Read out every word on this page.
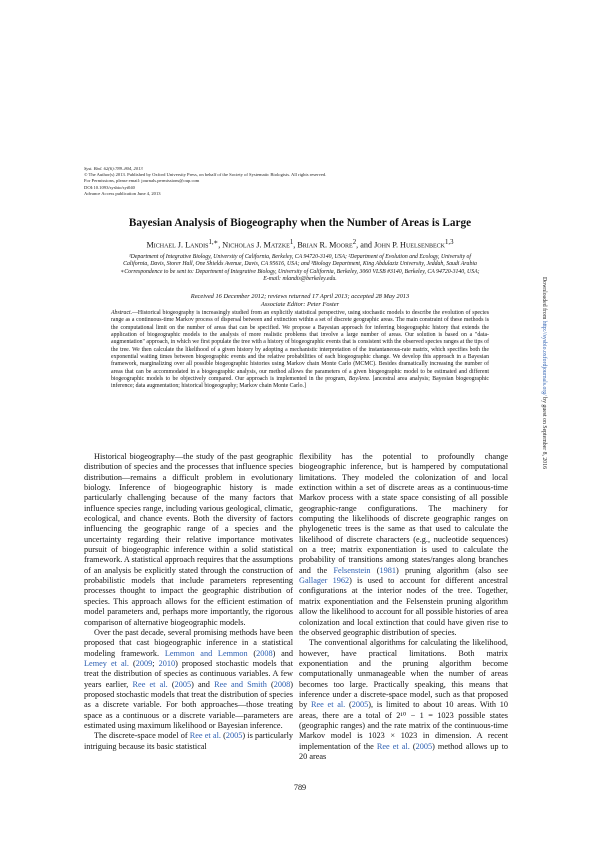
Syst. Biol. 62(6):789–804, 2013
© The Author(s) 2013. Published by Oxford University Press, on behalf of the Society of Systematic Biologists. All rights reserved.
For Permissions, please email: journals.permissions@oup.com
DOI:10.1093/sysbio/syt040
Advance Access publication June 4, 2013
Bayesian Analysis of Biogeography when the Number of Areas is Large
Michael J. Landis$^{1,∗}$, Nicholas J. Matzke$^1$, Brian R. Moore$^2$, and John P. Huelsenbeck$^{1,3}$
¹Department of Integrative Biology, University of California, Berkeley, CA 94720-3140, USA; ²Department of Evolution and Ecology, University of
California, Davis, Storer Hall, One Shields Avenue, Davis, CA 95616, USA; and ³Biology Department, King Abdulaziz University, Jeddah, Saudi Arabia
∗Correspondence to be sent to: Department of Integrative Biology, University of California, Berkeley, 3060 VLSB #3140, Berkeley, CA 94720-3140, USA;
E-mail: mlandis@berkeley.edu.
Received 16 December 2012; reviews returned 17 April 2013; accepted 28 May 2013
Associate Editor: Peter Foster
Abstract.—Historical biogeography is increasingly studied from an explicitly statistical perspective, using stochastic models to describe the evolution of species range as a continuous-time Markov process of dispersal between and extinction within a set of discrete geographic areas. The main constraint of these methods is the computational limit on the number of areas that can be specified. We propose a Bayesian approach for inferring biogeographic history that extends the application of biogeographic models to the analysis of more realistic problems that involve a large number of areas. Our solution is based on a "data-augmentation" approach, in which we first populate the tree with a history of biogeographic events that is consistent with the observed species ranges at the tips of the tree. We then calculate the likelihood of a given history by adopting a mechanistic interpretation of the instantaneous-rate matrix, which specifies both the exponential waiting times between biogeographic events and the relative probabilities of each biogeographic change. We develop this approach in a Bayesian framework, marginalizing over all possible biogeographic histories using Markov chain Monte Carlo (MCMC). Besides dramatically increasing the number of areas that can be accommodated in a biogeographic analysis, our method allows the parameters of a given biogeographic model to be estimated and different biogeographic models to be objectively compared. Our approach is implemented in the program, BayArea. [ancestral area analysis; Bayesian biogeographic inference; data augmentation; historical biogeography; Markov chain Monte Carlo.]

Historical biogeography—the study of the past geographic distribution of species and the processes that influence species distribution—remains a difficult problem in evolutionary biology. Inference of biogeographic history is made particularly challenging because of the many factors that influence species range, including various geological, climatic, ecological, and chance events. Both the diversity of factors influencing the geographic range of a species and the uncertainty regarding their relative importance motivates pursuit of biogeographic inference within a solid statistical framework. A statistical approach requires that the assumptions of an analysis be explicitly stated through the construction of probabilistic models that include parameters representing processes thought to impact the geographic distribution of species. This approach allows for the efficient estimation of model parameters and, perhaps more importantly, the rigorous comparison of alternative biogeographic models.

Over the past decade, several promising methods have been proposed that cast biogeographic inference in a statistical modeling framework. Lemmon and Lemmon (2008) and Lemey et al. (2009; 2010) proposed stochastic models that treat the distribution of species as continuous variables. A few years earlier, Ree et al. (2005) and Ree and Smith (2008) proposed stochastic models that treat the distribution of species as a discrete variable. For both approaches—those treating space as a continuous or a discrete variable—parameters are estimated using maximum likelihood or Bayesian inference.

The discrete-space model of Ree et al. (2005) is particularly intriguing because its basic statistical

flexibility has the potential to profoundly change biogeographic inference, but is hampered by computational limitations. They modeled the colonization of and local extinction within a set of discrete areas as a continuous-time Markov process with a state space consisting of all possible geographic-range configurations. The machinery for computing the likelihoods of discrete geographic ranges on phylogenetic trees is the same as that used to calculate the likelihood of discrete characters (e.g., nucleotide sequences) on a tree; matrix exponentiation is used to calculate the probability of transitions among states/ranges along branches and the Felsenstein (1981) pruning algorithm (also see Gallager 1962) is used to account for different ancestral configurations at the interior nodes of the tree. Together, matrix exponentiation and the Felsenstein pruning algorithm allow the likelihood to account for all possible histories of area colonization and local extinction that could have given rise to the observed geographic distribution of species.

The conventional algorithms for calculating the likelihood, however, have practical limitations. Both matrix exponentiation and the pruning algorithm become computationally unmanageable when the number of areas becomes too large. Practically speaking, this means that inference under a discrete-space model, such as that proposed by Ree et al. (2005), is limited to about 10 areas. With 10 areas, there are a total of 2¹⁰ − 1 = 1023 possible states (geographic ranges) and the rate matrix of the continuous-time Markov model is 1023 × 1023 in dimension. A recent implementation of the Ree et al. (2005) method allows up to 20 areas

789
Downloaded from http://sysbio.oxfordjournals.org/ by guest on September 8, 2016
